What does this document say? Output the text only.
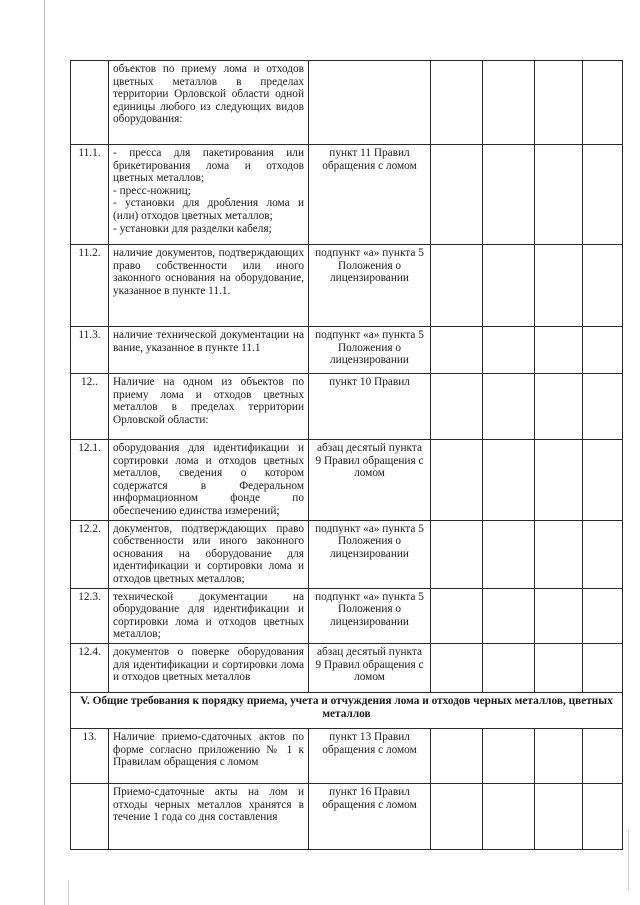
	объектов по приему лома и отходов цветных металлов в пределах территории Орловской области одной единицы любого из следующих видов оборудования:					

11.1.	- пресса для пакетирования или брикетирования лома и отходов цветных металлов;
- пресс-ножниц;
- установки для дробления лома и (или) отходов цветных металлов;
- установки для разделки кабеля;	пункт 11 Правил обращения с ломом				
11.2.	наличие документов, подтверждающих право собственности или иного законного основания на оборудование, указанное в пункте 11.1.	подпункт «а» пункта 5 Положения о лицензировании				
11.3.	наличие технической документации на вание, указанное в пункте 11.1	подпункт «а» пункта 5 Положения о лицензировании				
12..	Наличие на одном из объектов по приему лома и отходов цветных металлов в пределах территории Орловской области:	пункт 10 Правил				
12.1.	оборудования для идентификации и сортировки лома и отходов цветных металлов, сведения о котором содержатся в Федеральном информационном фонде по обеспечению единства измерений;	абзац десятый пункта 9 Правил обращения с ломом				
12.2.	документов, подтверждающих право собственности или иного законного основания на оборудование для идентификации и сортировки лома и отходов цветных металлов;	подпункт «а» пункта 5 Положения о лицензировании				
12.3.	технической документации на оборудование для идентификации и сортировки лома и отходов цветных металлов;	подпункт «а» пункта 5 Положения о лицензировании				
12.4.	документов о поверке оборудования для идентификации и сортировки лома и отходов цветных металлов	абзац десятый пункта 9 Правил обращения с ломом				
V. Общие требования к порядку приема, учета и отчуждения лома и отходов черных металлов, цветных металлов						
13.	Наличие приемо-сдаточных актов по форме согласно приложению № 1 к Правилам обращения с ломом	пункт 13 Правил обращения с ломом				

	Приемо-сдаточные акты на лом и отходы черных металлов хранятся в течение 1 года со дня составления	пункт 16 Правил обращения с ломом				
